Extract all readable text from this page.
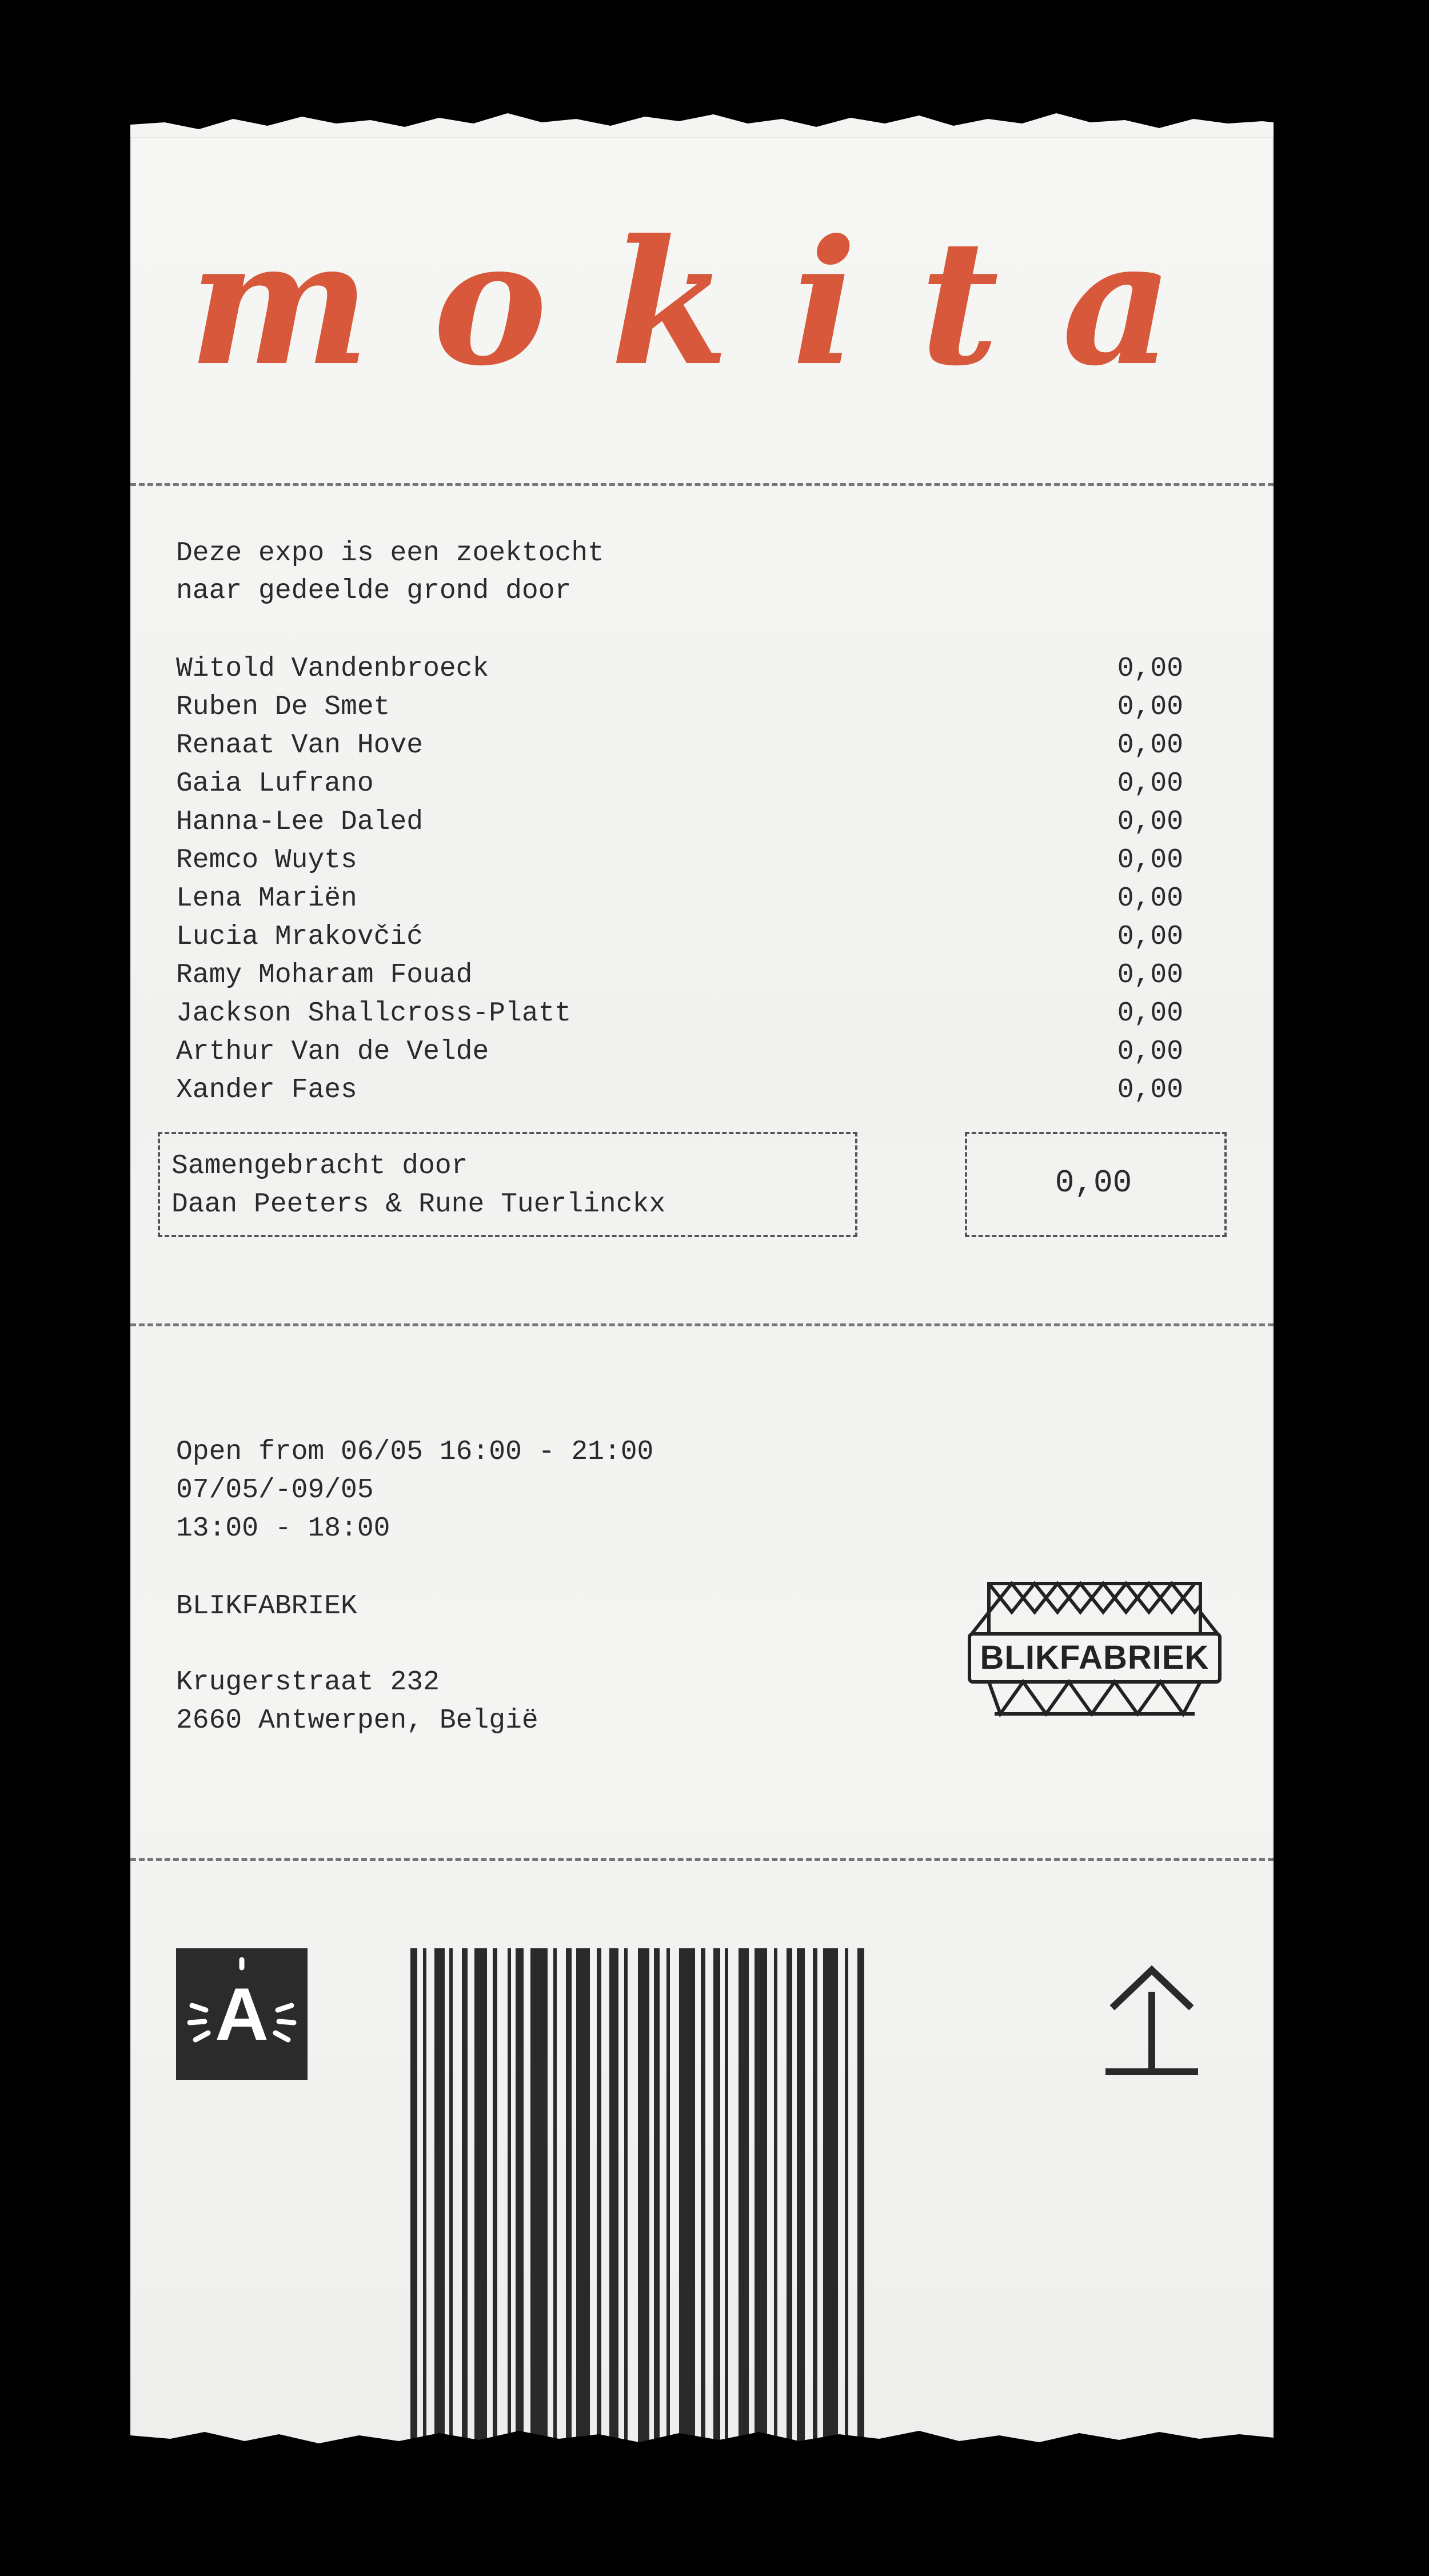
mokita
Deze expo is een zoektocht
naar gedeelde grond door
Witold Vandenbroeck	0,00
Ruben De Smet	0,00
Renaat Van Hove	0,00
Gaia Lufrano	0,00
Hanna-Lee Daled	0,00
Remco Wuyts	0,00
Lena Mariën	0,00
Lucia Mrakovčić	0,00
Ramy Moharam Fouad	0,00
Jackson Shallcross-Platt	0,00
Arthur Van de Velde	0,00
Xander Faes	0,00
Samengebracht door
Daan Peeters & Rune Tuerlinckx
0,00
Open from 06/05 16:00 - 21:00
07/05/-09/05
13:00 - 18:00
BLIKFABRIEK
Krugerstraat 232
2660 Antwerpen, België
BLIKFABRIEK
A
